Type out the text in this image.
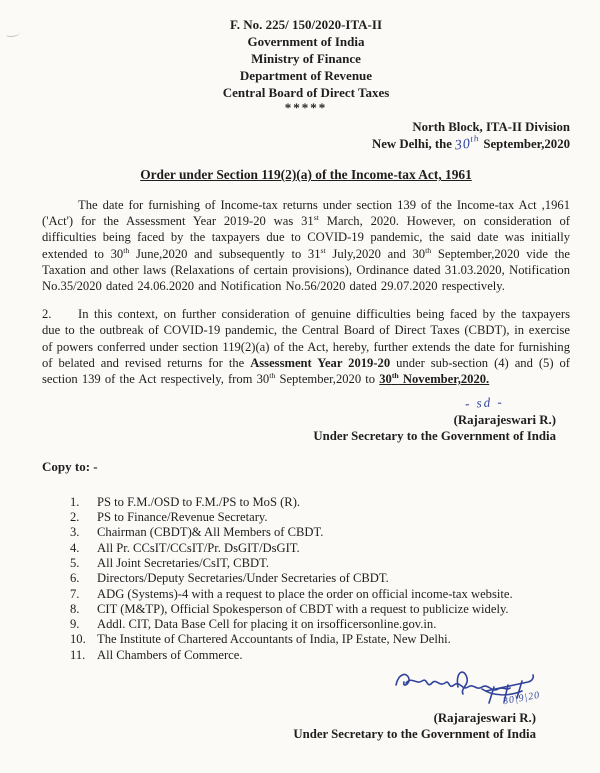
F. No. 225/ 150/2020-ITA-II
Government of India
Ministry of Finance
Department of Revenue
Central Board of Direct Taxes
*****
North Block, ITA-II Division
New Delhi, the 30th September,2020
Order under Section 119(2)(a) of the Income-tax Act, 1961
The date for furnishing of Income-tax returns under section 139 of the Income-tax Act ,1961 ('Act') for the Assessment Year 2019-20 was 31st March, 2020. However, on consideration of difficulties being faced by the taxpayers due to COVID-19 pandemic, the said date was initially extended to 30th June,2020 and subsequently to 31st July,2020 and 30th September,2020 vide the Taxation and other laws (Relaxations of certain provisions), Ordinance dated 31.03.2020, Notification No.35/2020 dated 24.06.2020 and Notification No.56/2020 dated 29.07.2020 respectively.
2. In this context, on further consideration of genuine difficulties being faced by the taxpayers due to the outbreak of COVID-19 pandemic, the Central Board of Direct Taxes (CBDT), in exercise of powers conferred under section 119(2)(a) of the Act, hereby, further extends the date for furnishing of belated and revised returns for the Assessment Year 2019-20 under sub-section (4) and (5) of section 139 of the Act respectively, from 30th September,2020 to 30th November,2020.
- sd -
(Rajarajeswari R.)
Under Secretary to the Government of India
Copy to: -
1. PS to F.M./OSD to F.M./PS to MoS (R).
2. PS to Finance/Revenue Secretary.
3. Chairman (CBDT)& All Members of CBDT.
4. All Pr. CCsIT/CCsIT/Pr. DsGIT/DsGIT.
5. All Joint Secretaries/CsIT, CBDT.
6. Directors/Deputy Secretaries/Under Secretaries of CBDT.
7. ADG (Systems)-4 with a request to place the order on official income-tax website.
8. CIT (M&TP), Official Spokesperson of CBDT with a request to publicize widely.
9. Addl. CIT, Data Base Cell for placing it on irsofficersonline.gov.in.
10. The Institute of Chartered Accountants of India, IP Estate, New Delhi.
11. All Chambers of Commerce.
30|9|20
(Rajarajeswari R.)
Under Secretary to the Government of India
